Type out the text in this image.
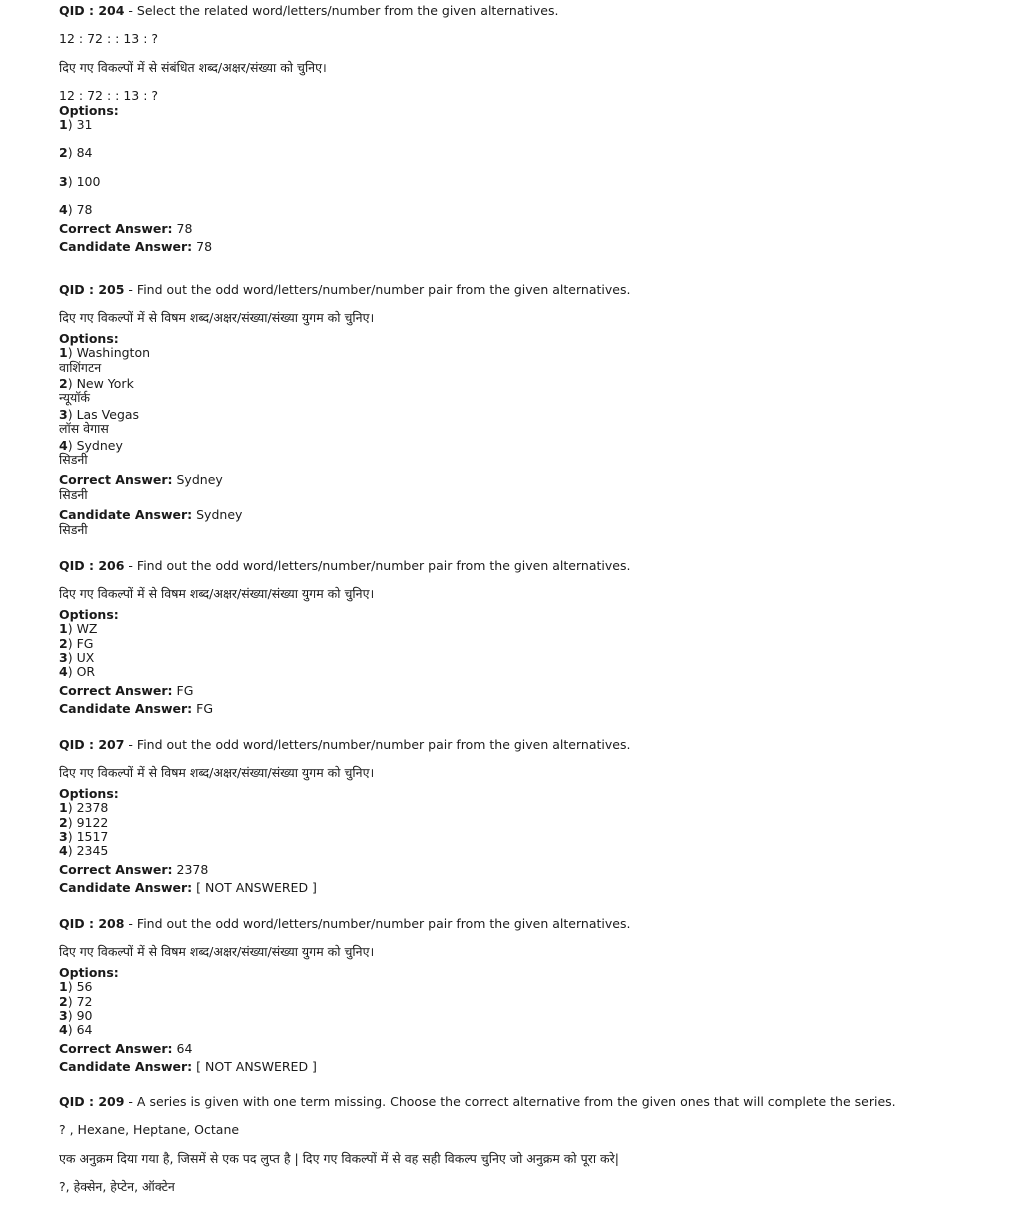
QID : 204 - Select the related word/letters/number from the given alternatives.
12 : 72 : : 13 : ?
दिए गए विकल्पों में से संबंधित शब्द/अक्षर/संख्या को चुनिए।
12 : 72 : : 13 : ?
Options:
1) 31
2) 84
3) 100
4) 78
Correct Answer: 78
Candidate Answer: 78
QID : 205 - Find out the odd word/letters/number/number pair from the given alternatives.
दिए गए विकल्पों में से विषम शब्द/अक्षर/संख्या/संख्या युगम को चुनिए।
Options:
1) Washington
वाशिंगटन
2) New York
न्यूयॉर्क
3) Las Vegas
लॉस वेगास
4) Sydney
सिडनी
Correct Answer: Sydney
सिडनी
Candidate Answer: Sydney
सिडनी
QID : 206 - Find out the odd word/letters/number/number pair from the given alternatives.
दिए गए विकल्पों में से विषम शब्द/अक्षर/संख्या/संख्या युगम को चुनिए।
Options:
1) WZ
2) FG
3) UX
4) OR
Correct Answer: FG
Candidate Answer: FG
QID : 207 - Find out the odd word/letters/number/number pair from the given alternatives.
दिए गए विकल्पों में से विषम शब्द/अक्षर/संख्या/संख्या युगम को चुनिए।
Options:
1) 2378
2) 9122
3) 1517
4) 2345
Correct Answer: 2378
Candidate Answer: [ NOT ANSWERED ]
QID : 208 - Find out the odd word/letters/number/number pair from the given alternatives.
दिए गए विकल्पों में से विषम शब्द/अक्षर/संख्या/संख्या युगम को चुनिए।
Options:
1) 56
2) 72
3) 90
4) 64
Correct Answer: 64
Candidate Answer: [ NOT ANSWERED ]
QID : 209 - A series is given with one term missing. Choose the correct alternative from the given ones that will complete the series.
? , Hexane, Heptane, Octane
एक अनुक्रम दिया गया है, जिसमें से एक पद लुप्त है | दिए गए विकल्पों में से वह सही विकल्प चुनिए जो अनुक्रम को पूरा करे|
?, हेक्सेन, हेप्टेन, ऑक्टेन
